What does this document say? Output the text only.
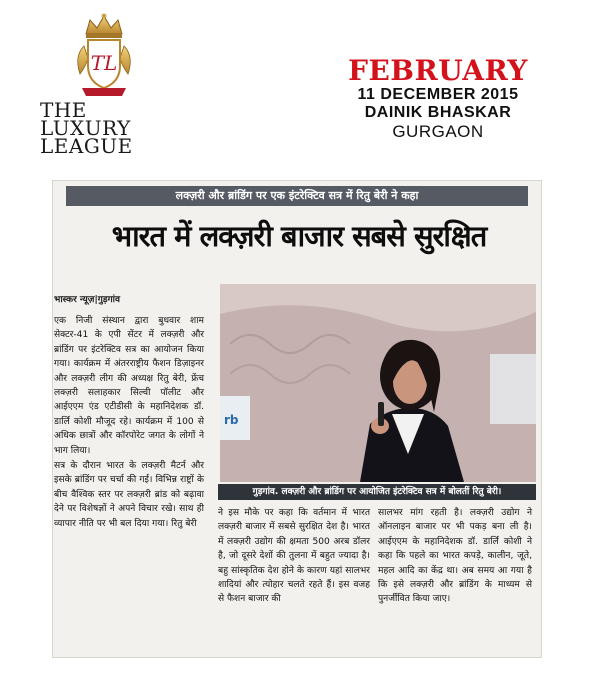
TL
THE
LUXURY
LEAGUE
FEBRUARY
11 DECEMBER 2015
DAINIK BHASKAR
GURGAON
लक्ज़री और ब्रांडिंग पर एक इंटरेक्टिव सत्र में रितु बेरी ने कहा
भारत में लक्ज़री बाजार सबसे सुरक्षित
भास्कर न्यूज़|गुड़गांव

एक निजी संस्थान द्वारा बुधवार शाम सेक्टर-41 के एपी सेंटर में लक्ज़री और ब्रांडिंग पर इंटरेक्टिव सत्र का आयोजन किया गया। कार्यक्रम में अंतरराष्ट्रीय फैशन डिज़ाइनर और लक्ज़री लीग की अध्यक्ष रितु बेरी, फ्रेंच लक्ज़री सलाहकार सिल्वी पॉलीट और आईएएम एंड एटीडीसी के महानिदेशक डॉ. डार्लि कोशी मौजूद रहे। कार्यक्रम में 100 से अधिक छात्रों और कॉरपोरेट जगत के लोगों ने भाग लिया।

सत्र के दौरान भारत के लक्ज़री मैटर्न और इसके ब्रांडिंग पर चर्चा की गई। विभिन्न राष्ट्रों के बीच वैश्विक स्तर पर लक्ज़री ब्रांड को बढ़ावा देने पर विशेषज्ञों ने अपने विचार रखे। साथ ही व्यापार नीति पर भी बल दिया गया। रितु बेरी

rb
गुड़गांव. लक्ज़री और ब्रांडिंग पर आयोजित इंटरेक्टिव सत्र में बोलतीं रितु बेरी।

ने इस मौके पर कहा कि वर्तमान में भारत लक्ज़री बाजार में सबसे सुरक्षित देश है। भारत में लक्ज़री उद्योग की क्षमता 500 अरब डॉलर है, जो दूसरे देशों की तुलना में बहुत ज्यादा है। बहु सांस्कृतिक देश होने के कारण यहां सालभर शादियां और त्योहार चलते रहते हैं। इस वजह से फैशन बाजार की

सालभर मांग रहती है। लक्ज़री उद्योग ने ऑनलाइन बाजार पर भी पकड़ बना ली है। आईएएम के महानिदेशक डॉ. डार्लि कोशी ने कहा कि पहले का भारत कपड़े, कालीन, जूते, महल आदि का केंद्र था। अब समय आ गया है कि इसे लक्ज़री और ब्रांडिंग के माध्यम से पुनर्जीवित किया जाए।
